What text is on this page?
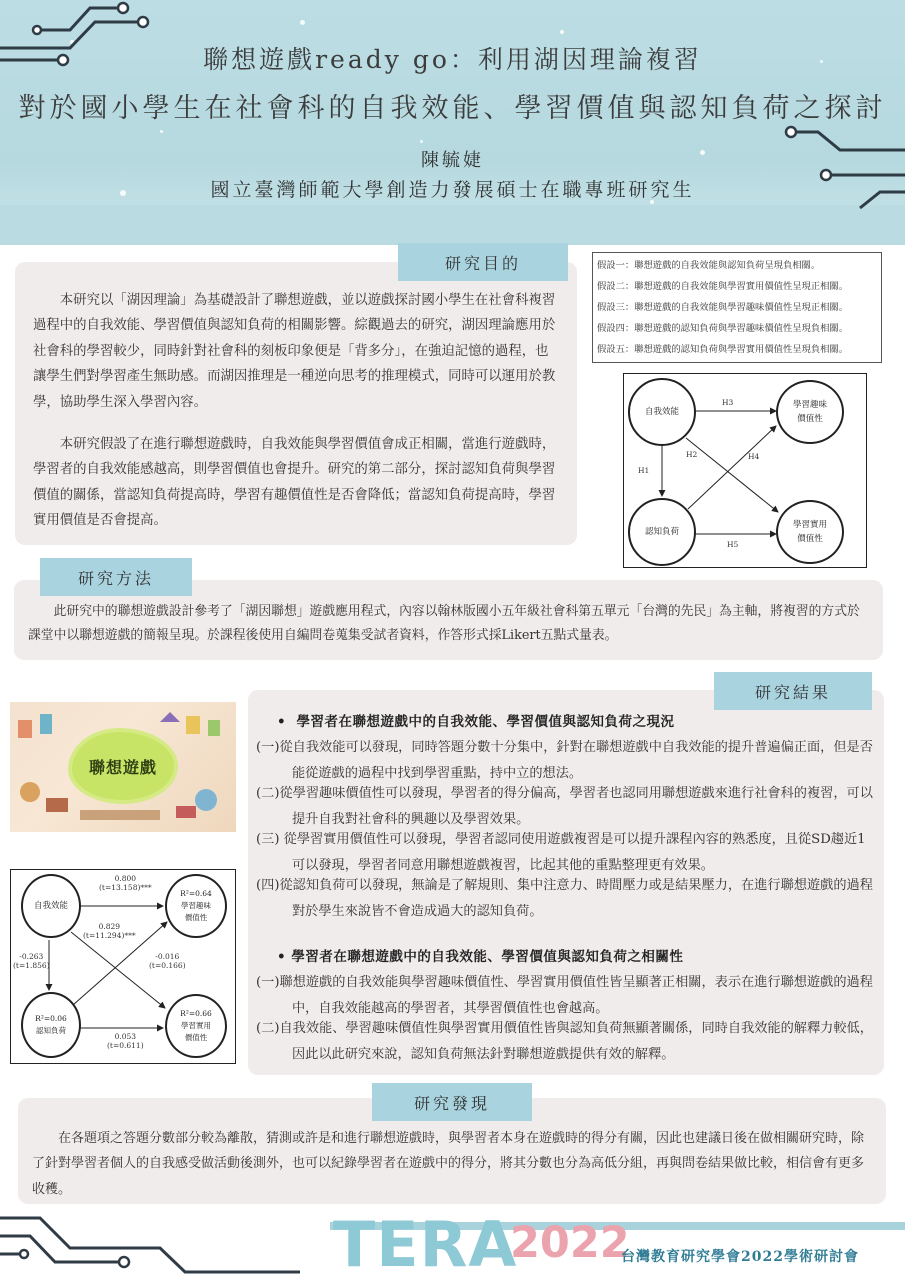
聯想遊戲ready go：利用湖因理論複習
對於國小學生在社會科的自我效能、學習價值與認知負荷之探討
陳毓婕
國立臺灣師範大學創造力發展碩士在職專班研究生
本研究以「湖因理論」為基礎設計了聯想遊戲，並以遊戲探討國小學生在社會科複習過程中的自我效能、學習價值與認知負荷的相關影響。綜觀過去的研究，湖因理論應用於社會科的學習較少，同時針對社會科的刻板印象便是「背多分」，在強迫記憶的過程，也讓學生們對學習產生無助感。而湖因推理是一種逆向思考的推理模式，同時可以運用於教學，協助學生深入學習內容。
本研究假設了在進行聯想遊戲時，自我效能與學習價值會成正相關，當進行遊戲時，學習者的自我效能感越高，則學習價值也會提升。研究的第二部分，探討認知負荷與學習價值的關係，當認知負荷提高時，學習有趣價值性是否會降低；當認知負荷提高時，學習實用價值是否會提高。
研究目的	假設一：聯想遊戲的自我效能與認知負荷呈現負相關。
假設二：聯想遊戲的自我效能與學習實用價值性呈現正相關。
假設三：聯想遊戲的自我效能與學習趣味價值性呈現正相關。
假設四：聯想遊戲的認知負荷與學習趣味價值性呈現負相關。
假設五：聯想遊戲的認知負荷與學習實用價值性呈現負相關。
自我效能
學習趣味
價值性
認知負荷
學習實用
價值性
H3
H1
H2	H4
H5
此研究中的聯想遊戲設計參考了「湖因聯想」遊戲應用程式，內容以翰林版國小五年級社會科第五單元「台灣的先民」為主軸，將複習的方式於課堂中以聯想遊戲的簡報呈現。於課程後使用自編問卷蒐集受試者資料，作答形式採Likert五點式量表。
研究方法
聯想遊戲
自我效能
R²=0.64
學習趣味
價值性
R²=0.06
認知負荷
R²=0.66
學習實用
價值性
0.800
(t=13.158)***
0.829
(t=11.294)***
-0.263
(t=1.856)
-0.016
(t=0.166)
0.053
(t=0.611)
研究結果
•  學習者在聯想遊戲中的自我效能、學習價值與認知負荷之現況
(一)從自我效能可以發現，同時答題分數十分集中，針對在聯想遊戲中自我效能的提升普遍偏正面，但是否能從遊戲的過程中找到學習重點，持中立的想法。
(二)從學習趣味價值性可以發現，學習者的得分偏高，學習者也認同用聯想遊戲來進行社會科的複習，可以提升自我對社會科的興趣以及學習效果。
(三) 從學習實用價值性可以發現，學習者認同使用遊戲複習是可以提升課程內容的熟悉度，且從SD趨近1可以發現，學習者同意用聯想遊戲複習，比起其他的重點整理更有效果。
(四)從認知負荷可以發現，無論是了解規則、集中注意力、時間壓力或是結果壓力，在進行聯想遊戲的過程對於學生來說皆不會造成過大的認知負荷。
• 學習者在聯想遊戲中的自我效能、學習價值與認知負荷之相關性
(一)聯想遊戲的自我效能與學習趣味價值性、學習實用價值性皆呈顯著正相關，表示在進行聯想遊戲的過程中，自我效能越高的學習者，其學習價值性也會越高。
(二)自我效能、學習趣味價值性與學習實用價值性皆與認知負荷無顯著關係，同時自我效能的解釋力較低，因此以此研究來說，認知負荷無法針對聯想遊戲提供有效的解釋。
在各題項之答題分數部分較為離散，猜測或許是和進行聯想遊戲時，與學習者本身在遊戲時的得分有關，因此也建議日後在做相關研究時，除了針對學習者個人的自我感受做活動後測外，也可以紀錄學習者在遊戲中的得分，將其分數也分為高低分組，再與問卷結果做比較，相信會有更多收穫。
研究發現
TERA
2022
台灣教育研究學會2022學術研討會
